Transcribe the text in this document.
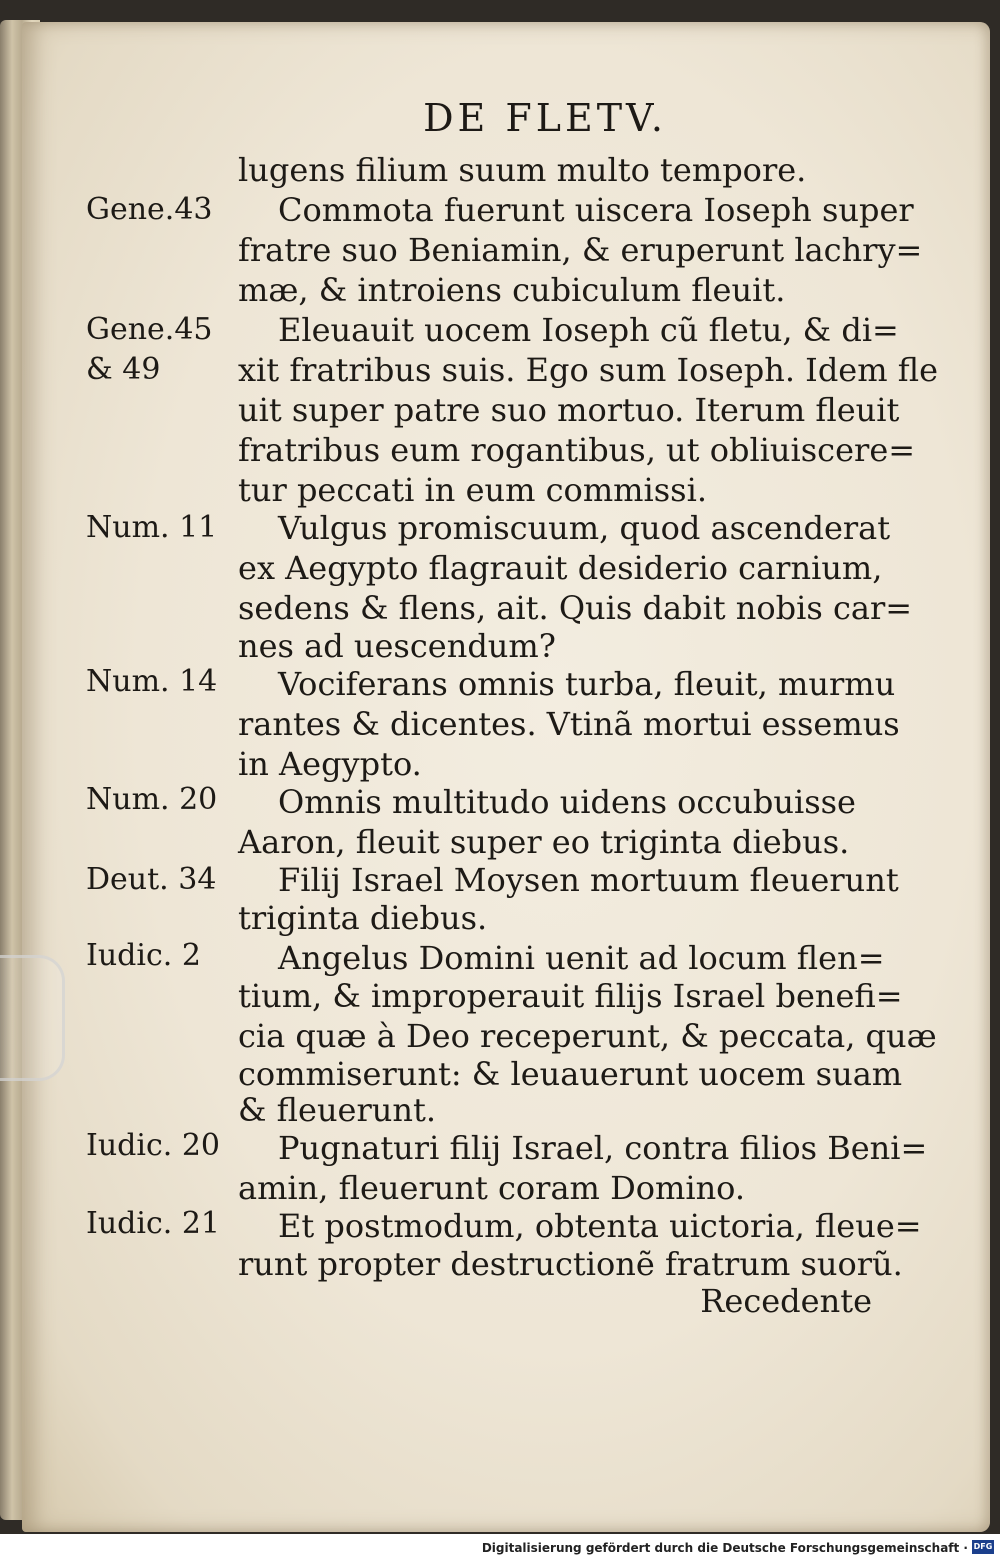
DE FLETV.
Gene.43
Gene.45
& 49
Num. 11
Num. 14
Num. 20
Deut. 34
Iudic. 2
Iudic. 20
Iudic. 21
lugens filium suum multo tempore.
Commota fuerunt uiscera Ioseph super
fratre suo Beniamin, & eruperunt lachry=
mæ, & introiens cubiculum fleuit.
Eleuauit uocem Ioseph cũ fletu, & di=
xit fratribus suis. Ego sum Ioseph. Idem fle
uit super patre suo mortuo. Iterum fleuit
fratribus eum rogantibus, ut obliuiscere=
tur peccati in eum commissi.
Vulgus promiscuum, quod ascenderat
ex Aegypto flagrauit desiderio carnium,
sedens & flens, ait. Quis dabit nobis car=
nes ad uescendum?
Vociferans omnis turba, fleuit, murmu
rantes & dicentes. Vtinã mortui essemus
in Aegypto.
Omnis multitudo uidens occubuisse
Aaron, fleuit super eo triginta diebus.
Filij Israel Moysen mortuum fleuerunt
triginta diebus.
Angelus Domini uenit ad locum flen=
tium, & improperauit filijs Israel benefi=
cia quæ à Deo receperunt, & peccata, quæ
commiserunt: & leuauerunt uocem suam
& fleuerunt.
Pugnaturi filij Israel, contra filios Beni=
amin, fleuerunt coram Domino.
Et postmodum, obtenta uictoria, fleue=
runt propter destructionẽ fratrum suorũ.
Recedente
Digitalisierung gefördert durch die Deutsche Forschungsgemeinschaft · DFG
